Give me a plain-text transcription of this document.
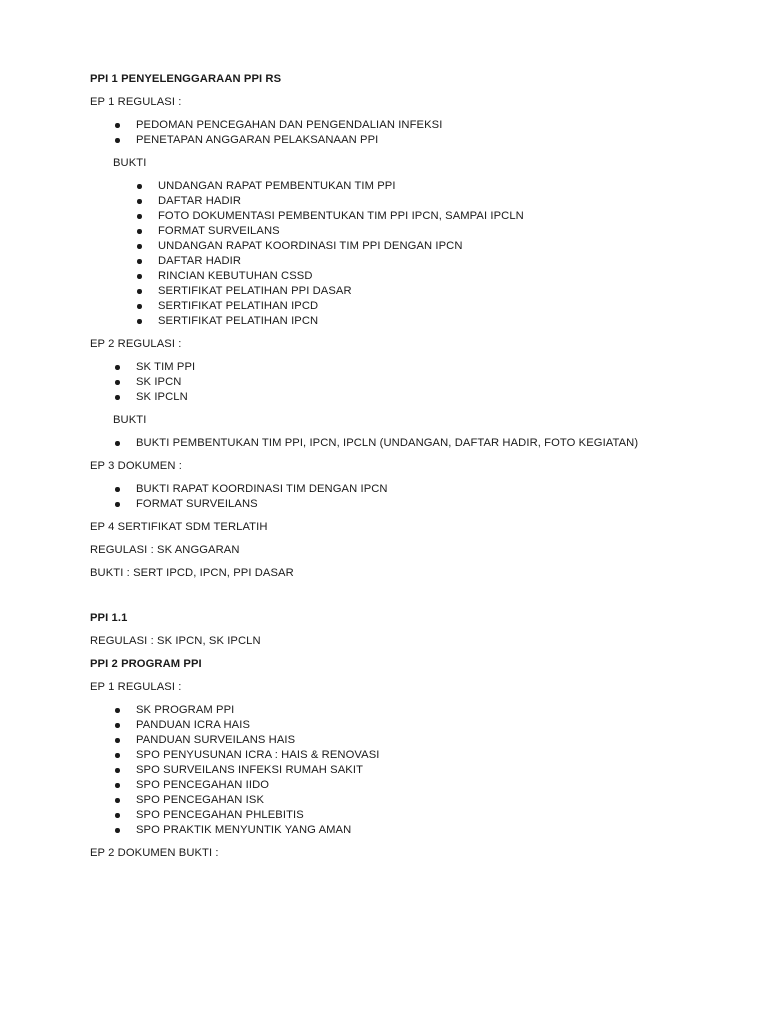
PPI 1 PENYELENGGARAAN PPI RS
EP 1 REGULASI :
PEDOMAN PENCEGAHAN DAN PENGENDALIAN INFEKSI
PENETAPAN ANGGARAN PELAKSANAAN PPI
BUKTI
UNDANGAN RAPAT PEMBENTUKAN TIM PPI
DAFTAR HADIR
FOTO DOKUMENTASI PEMBENTUKAN TIM PPI IPCN, SAMPAI IPCLN
FORMAT SURVEILANS
UNDANGAN RAPAT KOORDINASI TIM PPI DENGAN IPCN
DAFTAR HADIR
RINCIAN KEBUTUHAN CSSD
SERTIFIKAT PELATIHAN PPI DASAR
SERTIFIKAT PELATIHAN IPCD
SERTIFIKAT PELATIHAN IPCN
EP 2 REGULASI :
SK TIM PPI
SK IPCN
SK IPCLN
BUKTI
BUKTI PEMBENTUKAN TIM PPI, IPCN, IPCLN (UNDANGAN, DAFTAR HADIR, FOTO KEGIATAN)
EP 3 DOKUMEN :
BUKTI RAPAT KOORDINASI TIM DENGAN IPCN
FORMAT SURVEILANS
EP 4 SERTIFIKAT SDM TERLATIH
REGULASI : SK ANGGARAN
BUKTI : SERT IPCD, IPCN, PPI DASAR
PPI 1.1
REGULASI : SK IPCN, SK IPCLN
PPI 2 PROGRAM PPI
EP 1 REGULASI :
SK PROGRAM PPI
PANDUAN ICRA HAIS
PANDUAN SURVEILANS HAIS
SPO PENYUSUNAN ICRA : HAIS & RENOVASI
SPO SURVEILANS INFEKSI RUMAH SAKIT
SPO PENCEGAHAN IIDO
SPO PENCEGAHAN ISK
SPO PENCEGAHAN PHLEBITIS
SPO PRAKTIK MENYUNTIK YANG AMAN
EP 2 DOKUMEN BUKTI :
